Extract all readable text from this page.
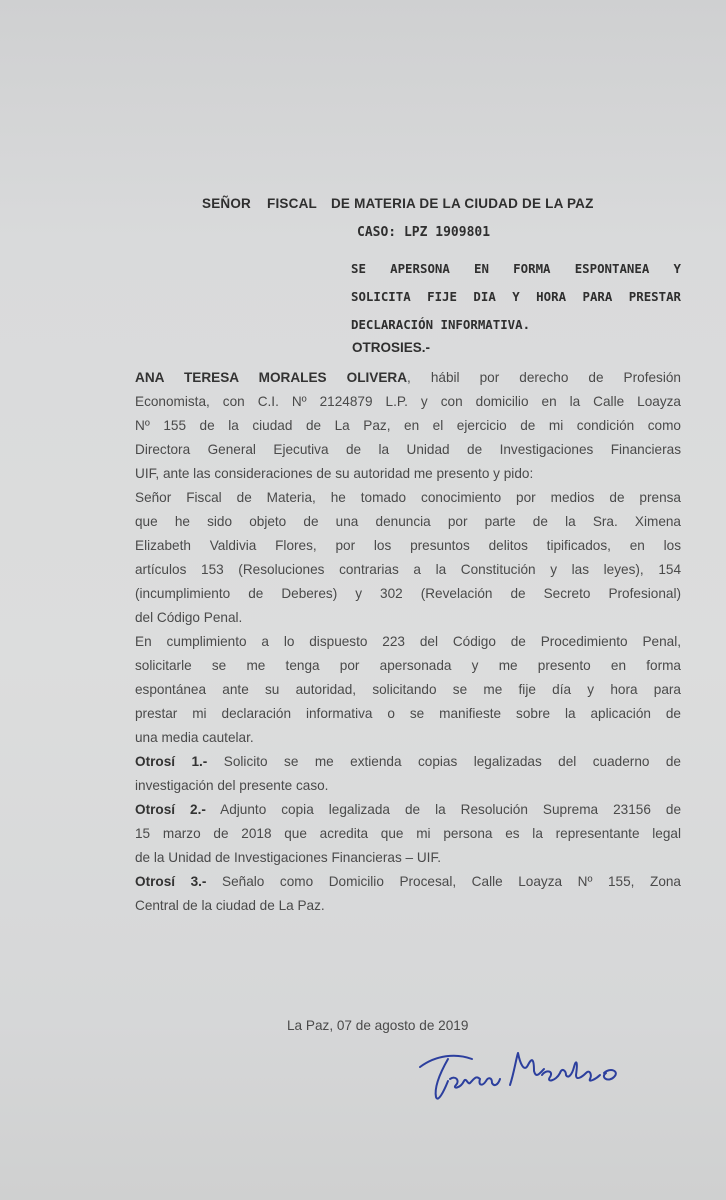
SEÑOR FISCAL DE MATERIA DE LA CIUDAD DE LA PAZ
CASO: LPZ 1909801
SE APERSONA EN FORMA ESPONTANEA Y
SOLICITA FIJE DIA Y HORA PARA PRESTAR
DECLARACIÓN INFORMATIVA.
OTROSIES.-

ANA TERESA MORALES OLIVERA, hábil por derecho de Profesión
Economista, con C.I. Nº 2124879 L.P. y con domicilio en la Calle Loayza
Nº 155 de la ciudad de La Paz, en el ejercicio de mi condición como
Directora General Ejecutiva de la Unidad de Investigaciones Financieras
UIF, ante las consideraciones de su autoridad me presento y pido:

Señor Fiscal de Materia, he tomado conocimiento por medios de prensa
que he sido objeto de una denuncia por parte de la Sra. Ximena
Elizabeth Valdivia Flores, por los presuntos delitos tipificados, en los
artículos 153 (Resoluciones contrarias a la Constitución y las leyes), 154
(incumplimiento de Deberes) y 302 (Revelación de Secreto Profesional)
del Código Penal.

En cumplimiento a lo dispuesto 223 del Código de Procedimiento Penal,
solicitarle se me tenga por apersonada y me presento en forma
espontánea ante su autoridad, solicitando se me fije día y hora para
prestar mi declaración informativa o se manifieste sobre la aplicación de
una media cautelar.

Otrosí 1.- Solicito se me extienda copias legalizadas del cuaderno de
investigación del presente caso.

Otrosí 2.- Adjunto copia legalizada de la Resolución Suprema 23156 de
15 marzo de 2018 que acredita que mi persona es la representante legal
de la Unidad de Investigaciones Financieras – UIF.

Otrosí 3.- Señalo como Domicilio Procesal, Calle Loayza Nº 155, Zona
Central de la ciudad de La Paz.

La Paz, 07 de agosto de 2019
